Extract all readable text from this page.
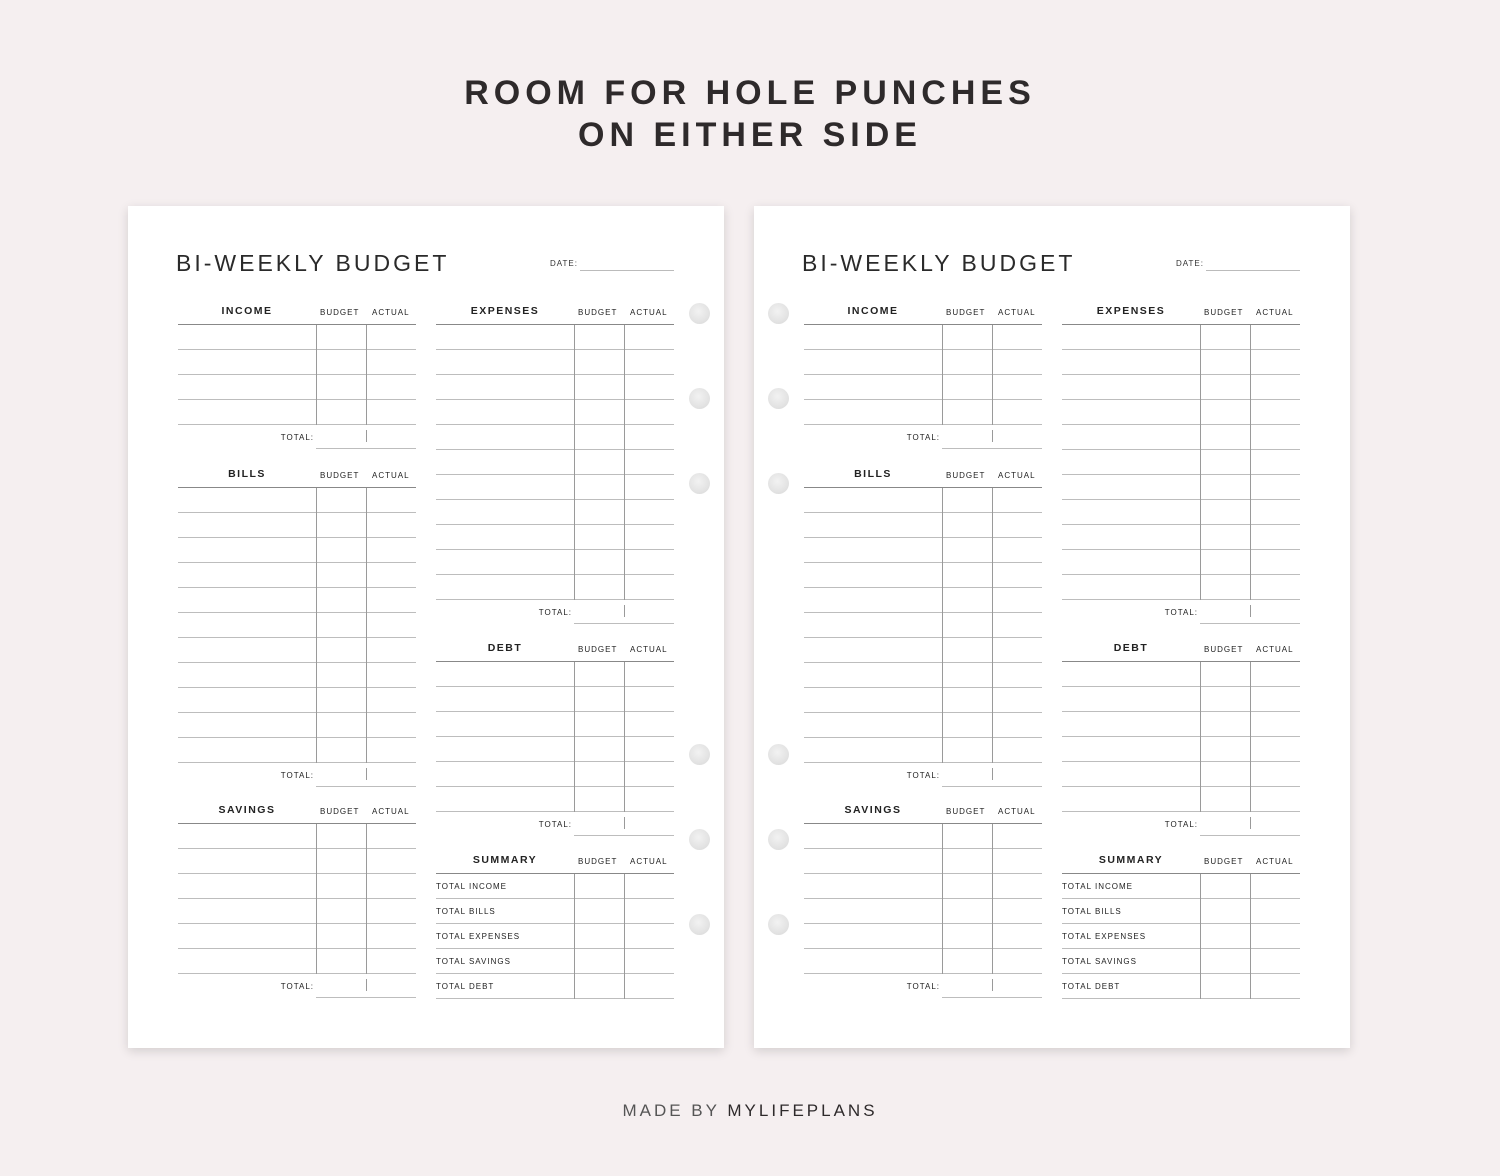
ROOM FOR HOLE PUNCHES
ON EITHER SIDE
BI-WEEKLY BUDGET	DATE:
INCOME	BUDGET ACTUAL
TOTAL:
BILLS	BUDGET ACTUAL
TOTAL:
SAVINGS	BUDGET ACTUAL
TOTAL:
EXPENSES	BUDGET ACTUAL
TOTAL:
DEBT	BUDGET ACTUAL
TOTAL:
SUMMARY	BUDGET ACTUAL
TOTAL INCOME
TOTAL BILLS
TOTAL EXPENSES
TOTAL SAVINGS
TOTAL DEBT
BI-WEEKLY BUDGET	DATE:
INCOME	BUDGET ACTUAL
TOTAL:
BILLS	BUDGET ACTUAL
TOTAL:
SAVINGS	BUDGET ACTUAL
TOTAL:
EXPENSES	BUDGET ACTUAL
TOTAL:
DEBT	BUDGET ACTUAL
TOTAL:
SUMMARY	BUDGET ACTUAL
TOTAL INCOME
TOTAL BILLS
TOTAL EXPENSES
TOTAL SAVINGS
TOTAL DEBT
MADE BY MYLIFEPLANS
